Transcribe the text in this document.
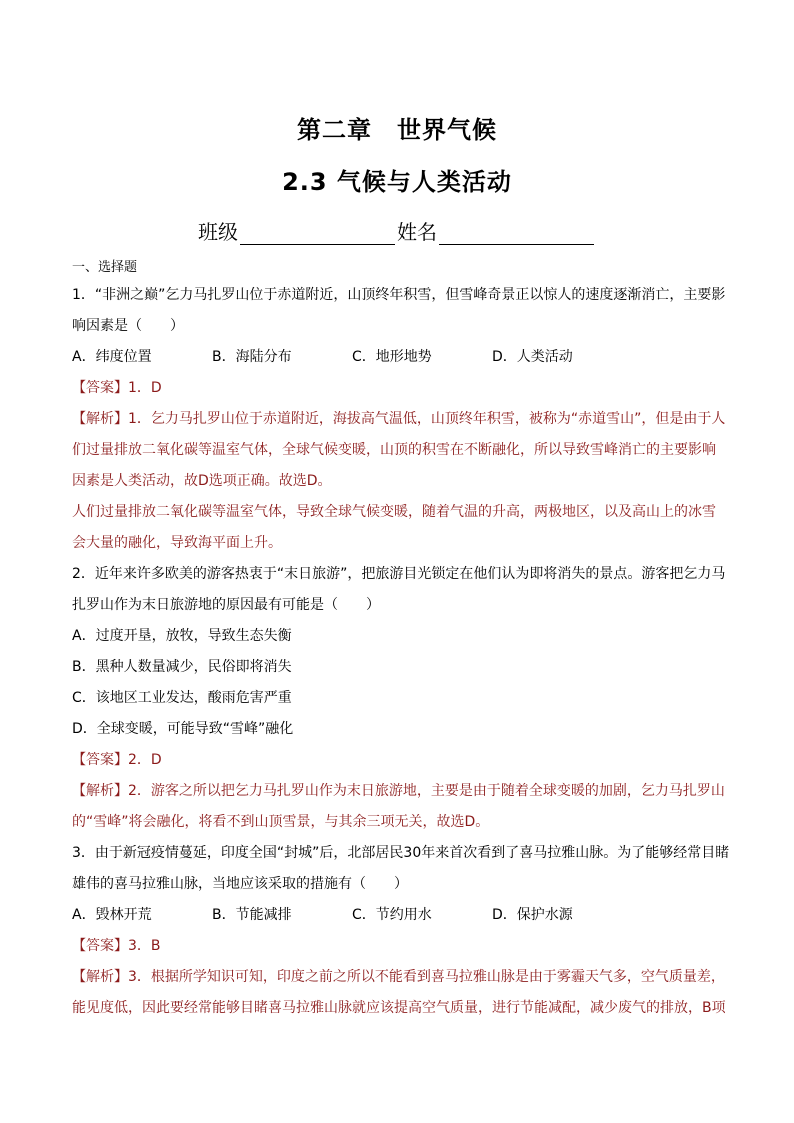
第二章　世界气候
2.3 气候与人类活动
班级	姓名
一、选择题
1．“非洲之巅”乞力马扎罗山位于赤道附近，山顶终年积雪，但雪峰奇景正以惊人的速度逐渐消亡，主要影
响因素是（　　）
A．纬度位置	B．海陆分布	C．地形地势	D．人类活动
【答案】1．D
【解析】1．乞力马扎罗山位于赤道附近，海拔高气温低，山顶终年积雪，被称为“赤道雪山”，但是由于人
们过量排放二氧化碳等温室气体，全球气候变暖，山顶的积雪在不断融化，所以导致雪峰消亡的主要影响
因素是人类活动，故D选项正确。故选D。
人们过量排放二氧化碳等温室气体，导致全球气候变暖，随着气温的升高，两极地区，以及高山上的冰雪
会大量的融化，导致海平面上升。
2．近年来许多欧美的游客热衷于“末日旅游”，把旅游目光锁定在他们认为即将消失的景点。游客把乞力马
扎罗山作为末日旅游地的原因最有可能是（　　）
A．过度开垦，放牧，导致生态失衡
B．黑种人数量减少，民俗即将消失
C．该地区工业发达，酸雨危害严重
D．全球变暖，可能导致“雪峰”融化
【答案】2．D
【解析】2．游客之所以把乞力马扎罗山作为末日旅游地，主要是由于随着全球变暖的加剧，乞力马扎罗山
的“雪峰”将会融化，将看不到山顶雪景，与其余三项无关，故选D。
3．由于新冠疫情蔓延，印度全国“封城”后，北部居民30年来首次看到了喜马拉雅山脉。为了能够经常目睹
雄伟的喜马拉雅山脉，当地应该采取的措施有（　　）
A．毁林开荒	B．节能减排	C．节约用水	D．保护水源
【答案】3．B
【解析】3．根据所学知识可知，印度之前之所以不能看到喜马拉雅山脉是由于雾霾天气多，空气质量差，
能见度低，因此要经常能够目睹喜马拉雅山脉就应该提高空气质量，进行节能减配，减少废气的排放，B项
